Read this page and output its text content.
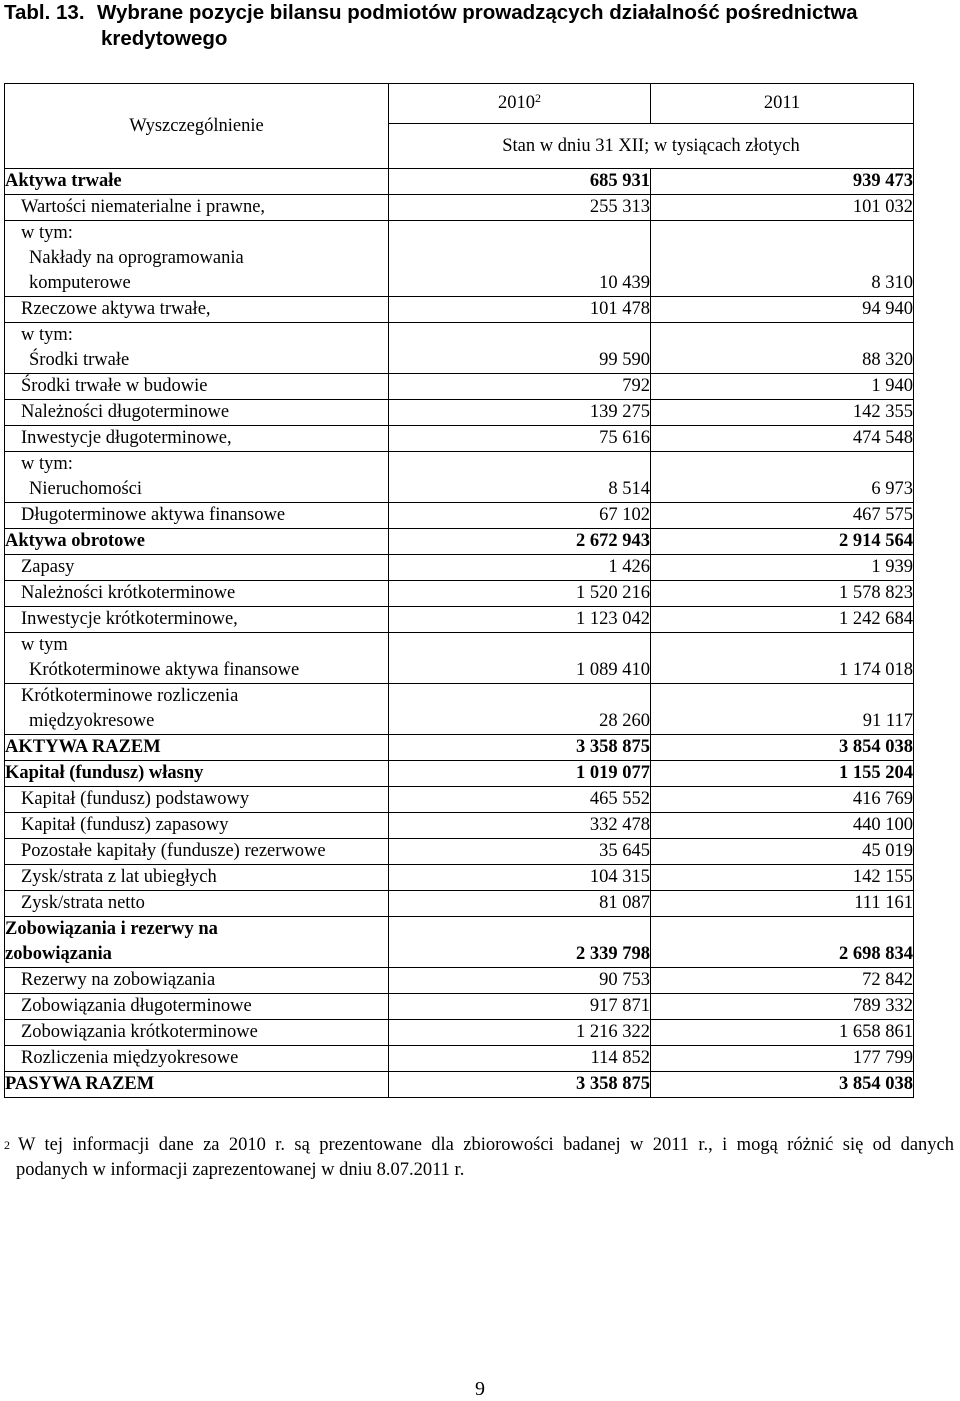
Tabl. 13. Wybrane pozycje bilansu podmiotów prowadzących działalność pośrednictwa
kredytowego
Wyszczególnienie	2010$^2$	2011
	Stan w dniu 31 XII; w tysiącach złotych	

Aktywa trwałe	685 931	939 473

Wartości niematerialne i prawne,	255 313	101 032

w tym:
Nakłady na oprogramowania
komputerowe	10 439	8 310

Rzeczowe aktywa trwałe,	101 478	94 940

w tym:
Środki trwałe	99 590	88 320

Środki trwałe w budowie	792	1 940

Należności długoterminowe	139 275	142 355

Inwestycje długoterminowe,	75 616	474 548

w tym:
Nieruchomości	8 514	6 973

Długoterminowe aktywa finansowe	67 102	467 575

Aktywa obrotowe	2 672 943	2 914 564

Zapasy	1 426	1 939

Należności krótkoterminowe	1 520 216	1 578 823

Inwestycje krótkoterminowe,	1 123 042	1 242 684

w tym
Krótkoterminowe aktywa finansowe	1 089 410	1 174 018

Krótkoterminowe rozliczenia
międzyokresowe	28 260	91 117

AKTYWA RAZEM	3 358 875	3 854 038

Kapitał (fundusz) własny	1 019 077	1 155 204

Kapitał (fundusz) podstawowy	465 552	416 769

Kapitał (fundusz) zapasowy	332 478	440 100

Pozostałe kapitały (fundusze) rezerwowe	35 645	45 019

Zysk/strata z lat ubiegłych	104 315	142 155

Zysk/strata netto	81 087	111 161

Zobowiązania i rezerwy na
zobowiązania	2 339 798	2 698 834

Rezerwy na zobowiązania	90 753	72 842

Zobowiązania długoterminowe	917 871	789 332

Zobowiązania krótkoterminowe	1 216 322	1 658 861

Rozliczenia międzyokresowe	114 852	177 799

PASYWA RAZEM	3 358 875	3 854 038
2 W tej informacji dane za 2010 r. są prezentowane dla zbiorowości badanej w 2011 r., i mogą różnić się od danych
podanych w informacji zaprezentowanej w dniu 8.07.2011 r.
9
